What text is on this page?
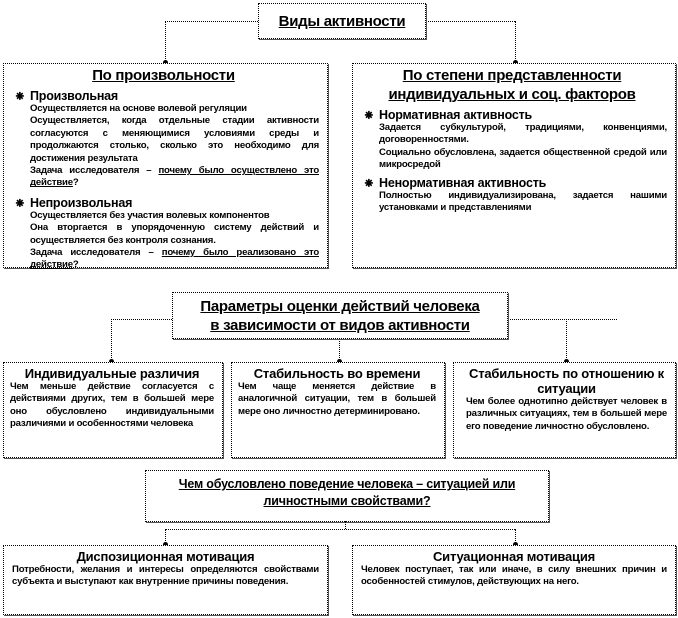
Виды активности
По произвольности
⁕ Произвольная
Осуществляется на основе волевой регуляции
Осуществляется, когда отдельные стадии активности согласуются с меняющимися условиями среды и продолжаются столько, сколько это необходимо для достижения результата
Задача исследователя – почему было осуществлено это действие?
⁕ Непроизвольная
Осуществляется без участия волевых компонентов
Она вторгается в упорядоченную систему действий и осуществляется без контроля сознания.
Задача исследователя – почему было реализовано это действие?
По степени представленности
индивидуальных и соц. факторов
⁕ Нормативная активность
Задается субкультурой, традициями, конвенциями, договоренностями.
Социально обусловлена, задается общественной средой или микросредой
⁕ Ненормативная активность
Полностью индивидуализирована, задается нашими установками и представлениями
Параметры оценки действий человека
в зависимости от видов активности
Индивидуальные различия
Чем меньше действие согласуется с действиями других, тем в большей мере оно обусловлено индивидуальными различиями и особенностями человека
Стабильность во времени
Чем чаще меняется действие в аналогичной ситуации, тем в большей мере оно личностно детерминировано.
Стабильность по отношению к ситуации
Чем более однотипно действует человек в различных ситуациях, тем в большей мере его поведение личностно обусловлено.
Чем обусловлено поведение человека – ситуацией или
личностными свойствами?
Диспозиционная мотивация
Потребности, желания и интересы определяются свойствами субъекта и выступают как внутренние причины поведения.
Ситуационная мотивация
Человек поступает, так или иначе, в силу внешних причин и особенностей стимулов, действующих на него.
